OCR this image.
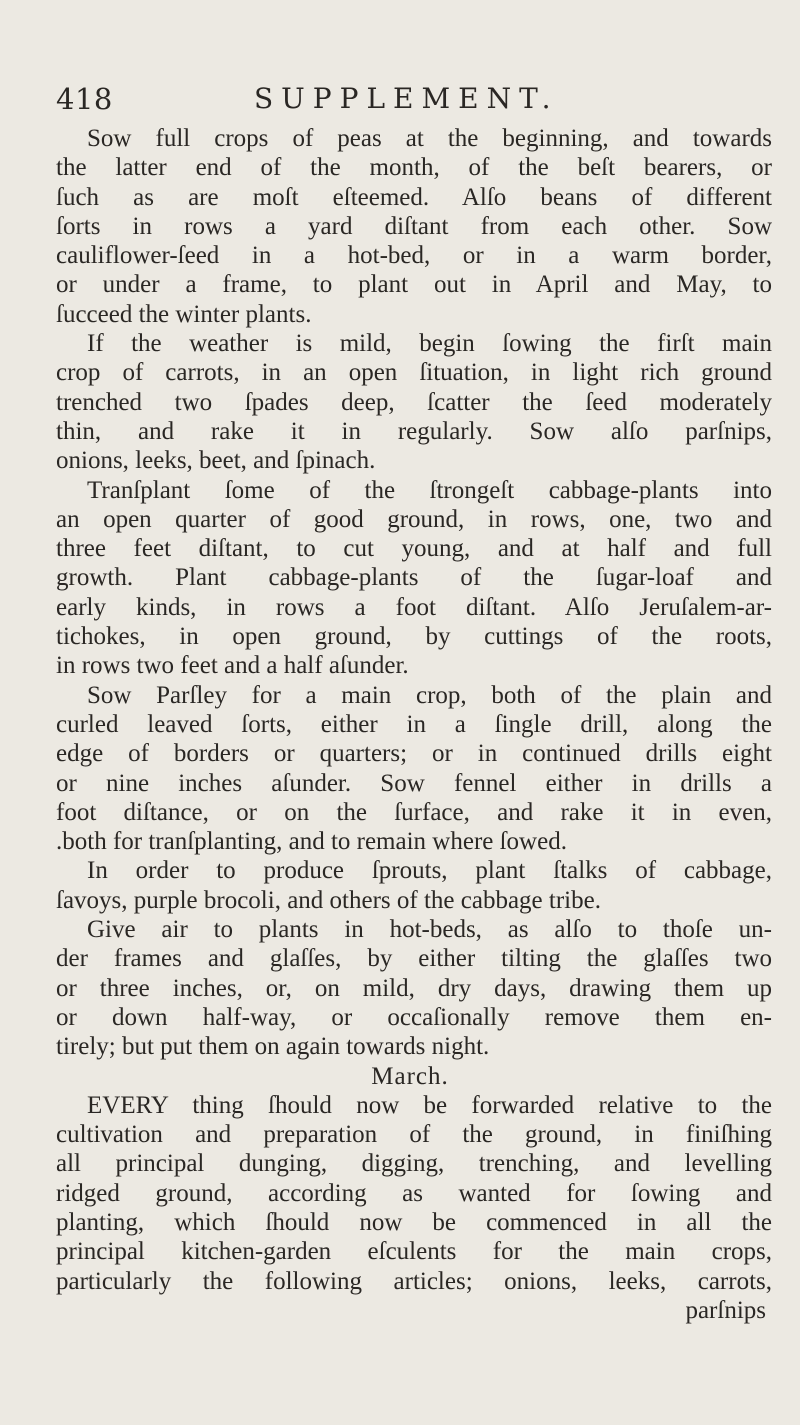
418	SUPPLEMENT.

Sow full crops of peas at the beginning, and towards
the latter end of the month, of the beſt bearers, or
ſuch as are moſt eſteemed. Alſo beans of different
ſorts in rows a yard diſtant from each other. Sow
cauliflower-ſeed in a hot-bed, or in a warm border,
or under a frame, to plant out in April and May, to
ſucceed the winter plants.

If the weather is mild, begin ſowing the firſt main
crop of carrots, in an open ſituation, in light rich ground
trenched two ſpades deep, ſcatter the ſeed moderately
thin, and rake it in regularly. Sow alſo parſnips,
onions, leeks, beet, and ſpinach.

Tranſplant ſome of the ſtrongeſt cabbage-plants into
an open quarter of good ground, in rows, one, two and
three feet diſtant, to cut young, and at half and full
growth. Plant cabbage-plants of the ſugar-loaf and
early kinds, in rows a foot diſtant. Alſo Jeruſalem-ar-
tichokes, in open ground, by cuttings of the roots,
in rows two feet and a half aſunder.

Sow Parſley for a main crop, both of the plain and
curled leaved ſorts, either in a ſingle drill, along the
edge of borders or quarters; or in continued drills eight
or nine inches aſunder. Sow fennel either in drills a
foot diſtance, or on the ſurface, and rake it in even,
.both for tranſplanting, and to remain where ſowed.

In order to produce ſprouts, plant ſtalks of cabbage,
ſavoys, purple brocoli, and others of the cabbage tribe.

Give air to plants in hot-beds, as alſo to thoſe un-
der frames and glaſſes, by either tilting the glaſſes two
or three inches, or, on mild, dry days, drawing them up
or down half-way, or occaſionally remove them en-
tirely; but put them on again towards night.

March.

EVERY thing ſhould now be forwarded relative to the
cultivation and preparation of the ground, in finiſhing
all principal dunging, digging, trenching, and levelling
ridged ground, according as wanted for ſowing and
planting, which ſhould now be commenced in all the
principal kitchen-garden eſculents for the main crops,
particularly the following articles; onions, leeks, carrots,

parſnips
